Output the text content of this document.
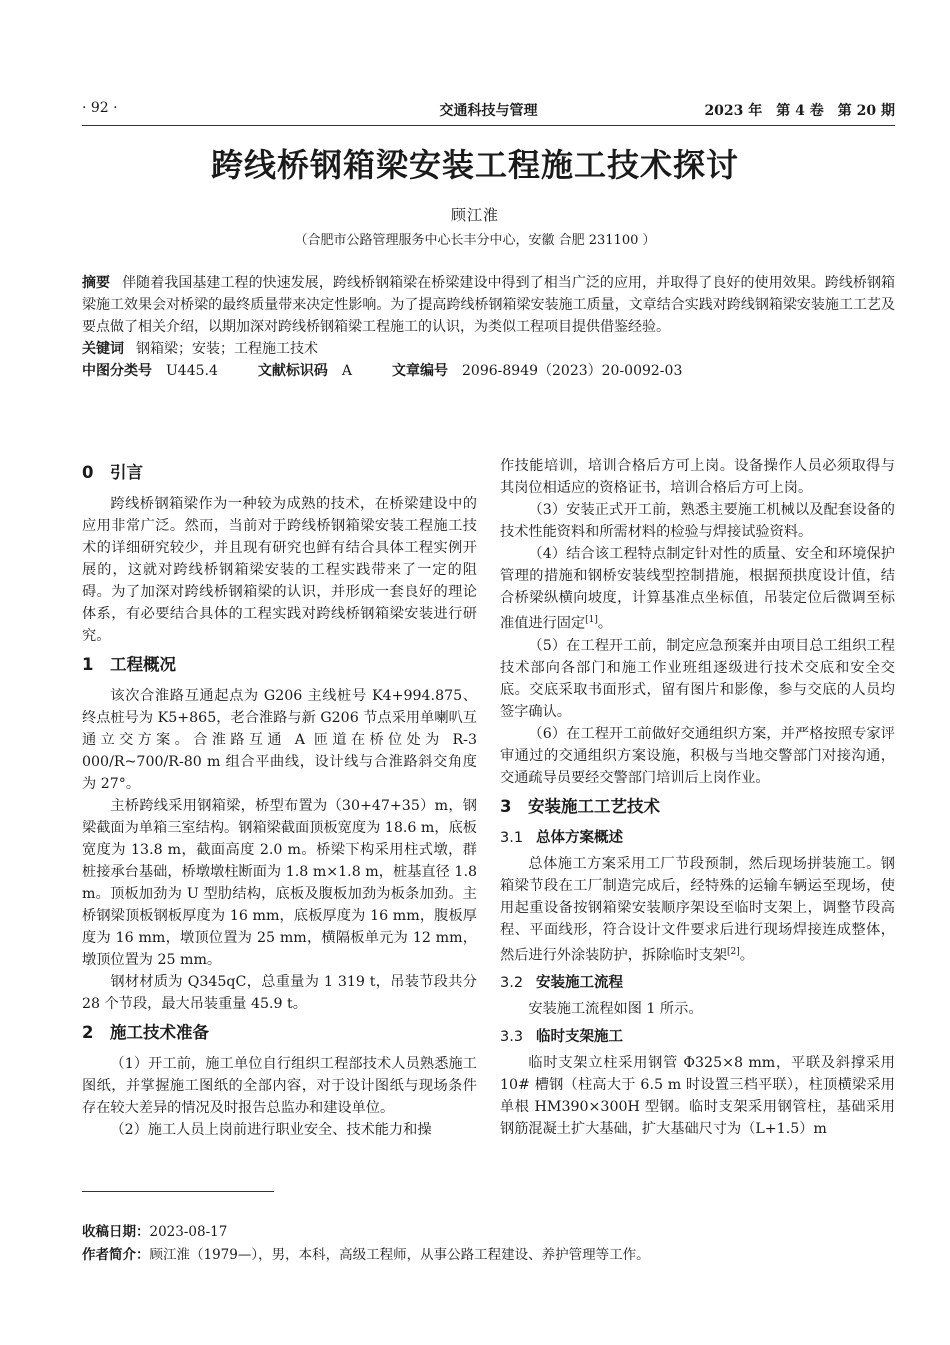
· 92 ·	交通科技与管理	2023 年　第 4 卷　第 20 期
跨线桥钢箱梁安装工程施工技术探讨
顾江淮
（合肥市公路管理服务中心长丰分中心，安徽 合肥 231100 ）

摘要 伴随着我国基建工程的快速发展，跨线桥钢箱梁在桥梁建设中得到了相当广泛的应用，并取得了良好的使用效果。跨线桥钢箱梁施工效果会对桥梁的最终质量带来决定性影响。为了提高跨线桥钢箱梁安装施工质量，文章结合实践对跨线钢箱梁安装施工工艺及要点做了相关介绍，以期加深对跨线桥钢箱梁工程施工的认识，为类似工程项目提供借鉴经验。

关键词 钢箱梁；安装；工程施工技术

中图分类号 U445.4	文献标识码 A	文章编号 2096-8949（2023）20-0092-03

0 引言

跨线桥钢箱梁作为一种较为成熟的技术，在桥梁建设中的应用非常广泛。然而，当前对于跨线桥钢箱梁安装工程施工技术的详细研究较少，并且现有研究也鲜有结合具体工程实例开展的，这就对跨线桥钢箱梁安装的工程实践带来了一定的阻碍。为了加深对跨线桥钢箱梁的认识，并形成一套良好的理论体系，有必要结合具体的工程实践对跨线桥钢箱梁安装进行研究。

1 工程概况

该次合淮路互通起点为 G206 主线桩号 K4+994.875、终点桩号为 K5+865，老合淮路与新 G206 节点采用单喇叭互通立交方案。合淮路互通 A 匝道在桥位处为 R-3 000/R~700/R-80 m 组合平曲线，设计线与合淮路斜交角度为 27°。

主桥跨线采用钢箱梁，桥型布置为（30+47+35）m，钢梁截面为单箱三室结构。钢箱梁截面顶板宽度为 18.6 m，底板宽度为 13.8 m，截面高度 2.0 m。桥梁下构采用柱式墩，群桩接承台基础，桥墩墩柱断面为 1.8 m×1.8 m，桩基直径 1.8 m。顶板加劲为 U 型肋结构，底板及腹板加劲为板条加劲。主桥钢梁顶板钢板厚度为 16 mm，底板厚度为 16 mm，腹板厚度为 16 mm，墩顶位置为 25 mm，横隔板单元为 12 mm，墩顶位置为 25 mm。

钢材材质为 Q345qC，总重量为 1 319 t，吊装节段共分 28 个节段，最大吊装重量 45.9 t。

2 施工技术准备

（1）开工前，施工单位自行组织工程部技术人员熟悉施工图纸，并掌握施工图纸的全部内容，对于设计图纸与现场条件存在较大差异的情况及时报告总监办和建设单位。

（2）施工人员上岗前进行职业安全、技术能力和操

作技能培训，培训合格后方可上岗。设备操作人员必须取得与其岗位相适应的资格证书，培训合格后方可上岗。

（3）安装正式开工前，熟悉主要施工机械以及配套设备的技术性能资料和所需材料的检验与焊接试验资料。

（4）结合该工程特点制定针对性的质量、安全和环境保护管理的措施和钢桥安装线型控制措施，根据预拱度设计值，结合桥梁纵横向坡度，计算基准点坐标值，吊装定位后微调至标准值进行固定[1]。

（5）在工程开工前，制定应急预案并由项目总工组织工程技术部向各部门和施工作业班组逐级进行技术交底和安全交底。交底采取书面形式，留有图片和影像，参与交底的人员均签字确认。

（6）在工程开工前做好交通组织方案，并严格按照专家评审通过的交通组织方案设施，积极与当地交警部门对接沟通，交通疏导员要经交警部门培训后上岗作业。

3 安装施工工艺技术
3.1 总体方案概述

总体施工方案采用工厂节段预制，然后现场拼装施工。钢箱梁节段在工厂制造完成后，经特殊的运输车辆运至现场，使用起重设备按钢箱梁安装顺序架设至临时支架上，调整节段高程、平面线形，符合设计文件要求后进行现场焊接连成整体，然后进行外涂装防护，拆除临时支架[2]。

3.2 安装施工流程

安装施工流程如图 1 所示。

3.3 临时支架施工

临时支架立柱采用钢管 Φ325×8 mm，平联及斜撑采用 10# 槽钢（柱高大于 6.5 m 时设置三档平联），柱顶横梁采用单根 HM390×300H 型钢。临时支架采用钢管柱，基础采用钢筋混凝土扩大基础，扩大基础尺寸为（L+1.5）m

收稿日期：2023-08-17
作者简介：顾江淮（1979—），男，本科，高级工程师，从事公路工程建设、养护管理等工作。
